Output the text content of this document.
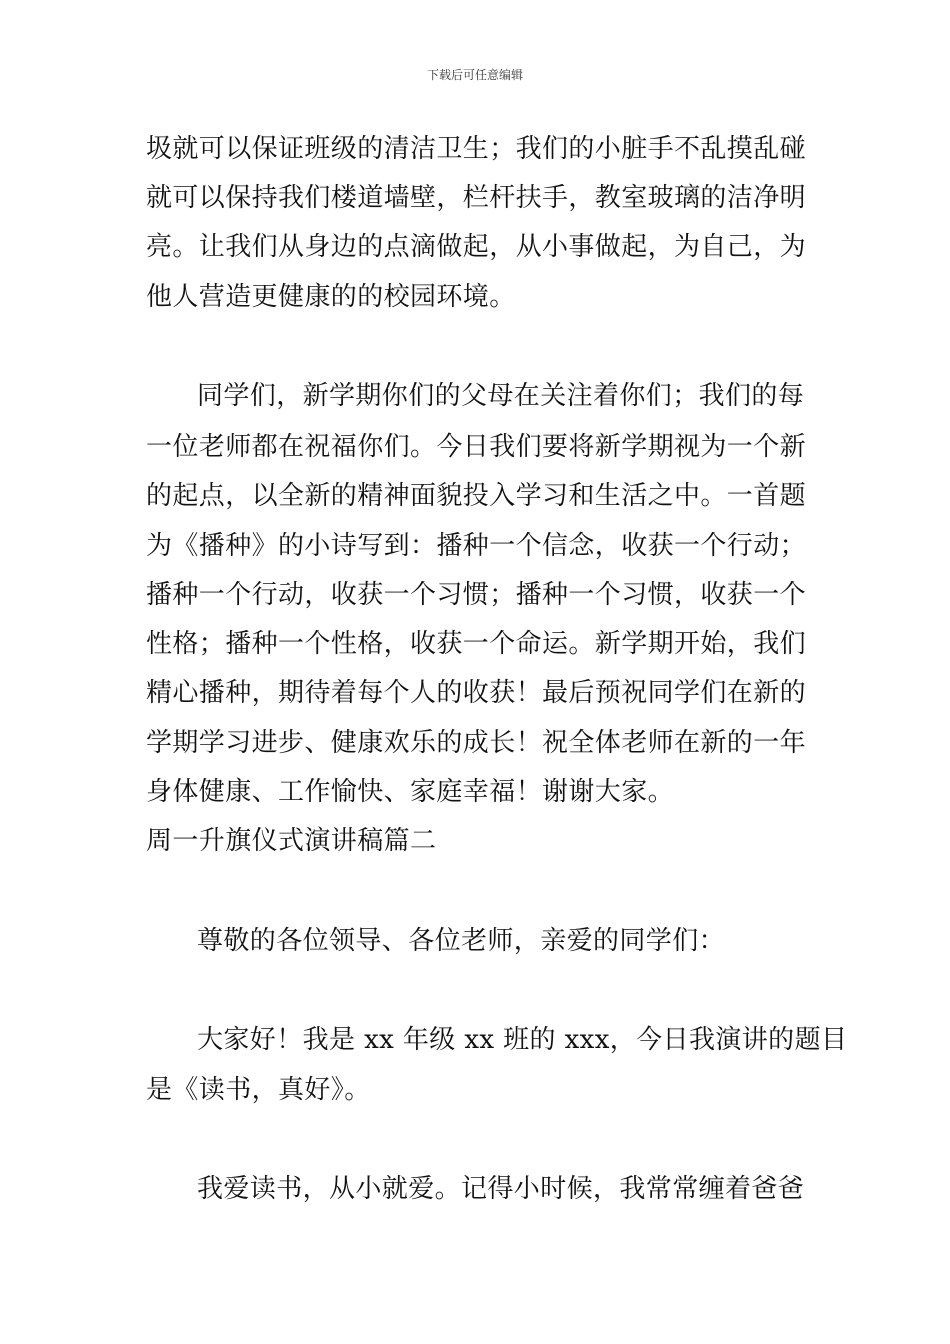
下载后可任意编辑
圾就可以保证班级的清洁卫生；我们的小脏手不乱摸乱碰
就可以保持我们楼道墙壁，栏杆扶手，教室玻璃的洁净明
亮。让我们从身边的点滴做起，从小事做起，为自己，为
他人营造更健康的的校园环境。
同学们，新学期你们的父母在关注着你们；我们的每
一位老师都在祝福你们。今日我们要将新学期视为一个新
的起点，以全新的精神面貌投入学习和生活之中。一首题
为《播种》的小诗写到：播种一个信念，收获一个行动；
播种一个行动，收获一个习惯；播种一个习惯，收获一个
性格；播种一个性格，收获一个命运。新学期开始，我们
精心播种，期待着每个人的收获！最后预祝同学们在新的
学期学习进步、健康欢乐的成长！祝全体老师在新的一年
身体健康、工作愉快、家庭幸福！谢谢大家。
周一升旗仪式演讲稿篇二
尊敬的各位领导、各位老师，亲爱的同学们：
大家好！我是 xx 年级 xx 班的 xxx，今日我演讲的题目
是《读书，真好》。
我爱读书，从小就爱。记得小时候，我常常缠着爸爸
